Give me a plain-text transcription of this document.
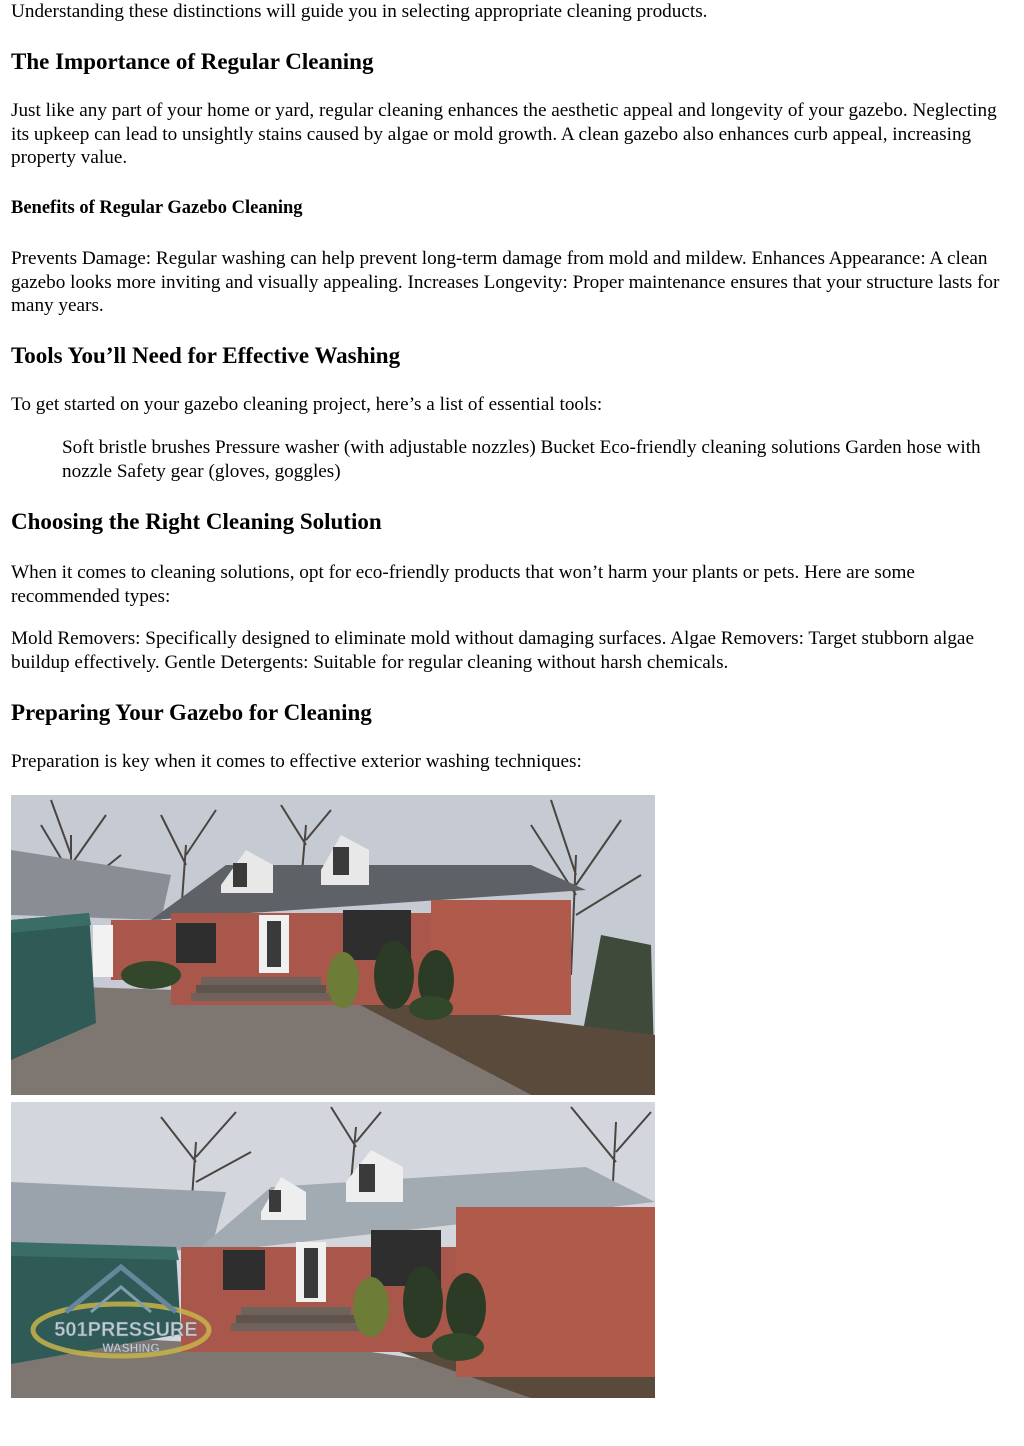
Understanding these distinctions will guide you in selecting appropriate cleaning products.

The Importance of Regular Cleaning

Just like any part of your home or yard, regular cleaning enhances the aesthetic appeal and longevity of your gazebo. Neglecting its upkeep can lead to unsightly stains caused by algae or mold growth. A clean gazebo also enhances curb appeal, increasing property value.

Benefits of Regular Gazebo Cleaning

Prevents Damage: Regular washing can help prevent long-term damage from mold and mildew. Enhances Appearance: A clean gazebo looks more inviting and visually appealing. Increases Longevity: Proper maintenance ensures that your structure lasts for many years.

Tools You’ll Need for Effective Washing

To get started on your gazebo cleaning project, here’s a list of essential tools:

Soft bristle brushes Pressure washer (with adjustable nozzles) Bucket Eco-friendly cleaning solutions Garden hose with nozzle Safety gear (gloves, goggles)

Choosing the Right Cleaning Solution

When it comes to cleaning solutions, opt for eco-friendly products that won’t harm your plants or pets. Here are some recommended types:

Mold Removers: Specifically designed to eliminate mold without damaging surfaces. Algae Removers: Target stubborn algae buildup effectively. Gentle Detergents: Suitable for regular cleaning without harsh chemicals.

Preparing Your Gazebo for Cleaning

Preparation is key when it comes to effective exterior washing techniques:

501PRESSURE
WASHING
